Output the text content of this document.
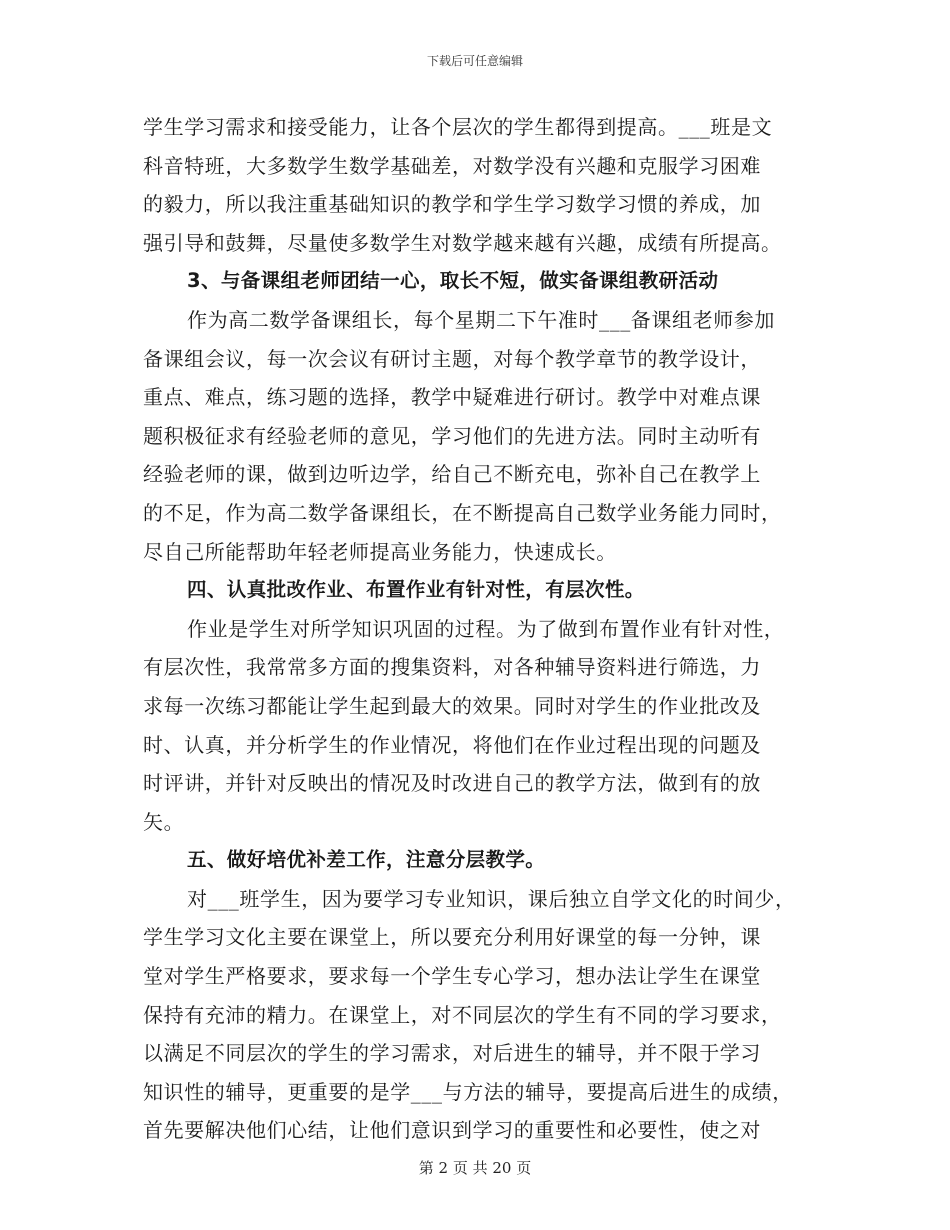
下载后可任意编辑
学生学习需求和接受能力，让各个层次的学生都得到提高。___班是文
科音特班，大多数学生数学基础差，对数学没有兴趣和克服学习困难
的毅力，所以我注重基础知识的教学和学生学习数学习惯的养成，加
强引导和鼓舞，尽量使多数学生对数学越来越有兴趣，成绩有所提高。
3、与备课组老师团结一心，取长不短，做实备课组教研活动
作为高二数学备课组长，每个星期二下午准时___备课组老师参加
备课组会议，每一次会议有研讨主题，对每个教学章节的教学设计，
重点、难点，练习题的选择，教学中疑难进行研讨。教学中对难点课
题积极征求有经验老师的意见，学习他们的先进方法。同时主动听有
经验老师的课，做到边听边学，给自己不断充电，弥补自己在教学上
的不足，作为高二数学备课组长，在不断提高自己数学业务能力同时，
尽自己所能帮助年轻老师提高业务能力，快速成长。
四、认真批改作业、布置作业有针对性，有层次性。
作业是学生对所学知识巩固的过程。为了做到布置作业有针对性，
有层次性，我常常多方面的搜集资料，对各种辅导资料进行筛选，力
求每一次练习都能让学生起到最大的效果。同时对学生的作业批改及
时、认真，并分析学生的作业情况，将他们在作业过程出现的问题及
时评讲，并针对反映出的情况及时改进自己的教学方法，做到有的放
矢。
五、做好培优补差工作，注意分层教学。
对___班学生，因为要学习专业知识，课后独立自学文化的时间少，
学生学习文化主要在课堂上，所以要充分利用好课堂的每一分钟，课
堂对学生严格要求，要求每一个学生专心学习，想办法让学生在课堂
保持有充沛的精力。在课堂上，对不同层次的学生有不同的学习要求，
以满足不同层次的学生的学习需求，对后进生的辅导，并不限于学习
知识性的辅导，更重要的是学___与方法的辅导，要提高后进生的成绩，
首先要解决他们心结，让他们意识到学习的重要性和必要性，使之对
第 2 页 共 20 页
